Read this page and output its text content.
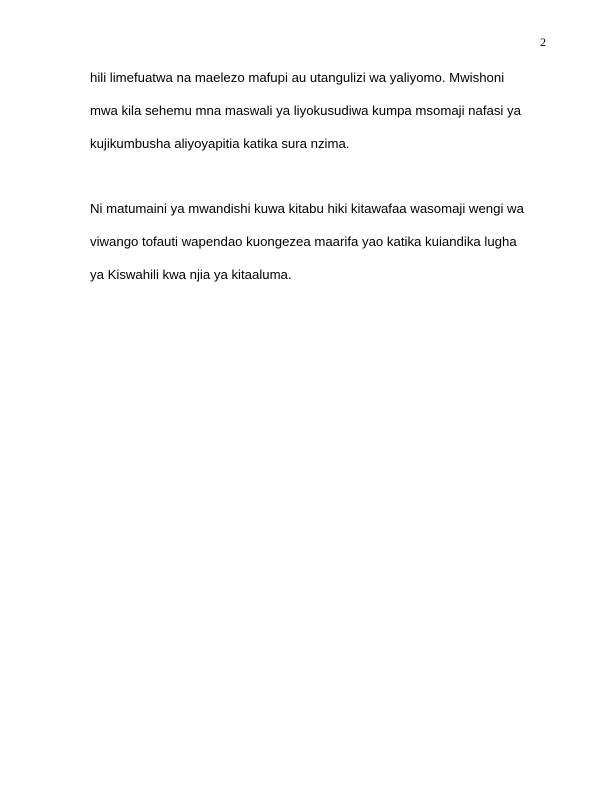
2
hili limefuatwa na maelezo mafupi au utangulizi wa yaliyomo. Mwishoni
mwa kila sehemu mna maswali ya liyokusudiwa kumpa msomaji nafasi ya
kujikumbusha aliyoyapitia katika sura nzima.
Ni matumaini ya mwandishi kuwa kitabu hiki kitawafaa wasomaji wengi wa
viwango tofauti wapendao kuongezea maarifa yao katika kuiandika lugha
ya Kiswahili kwa njia ya kitaaluma.
